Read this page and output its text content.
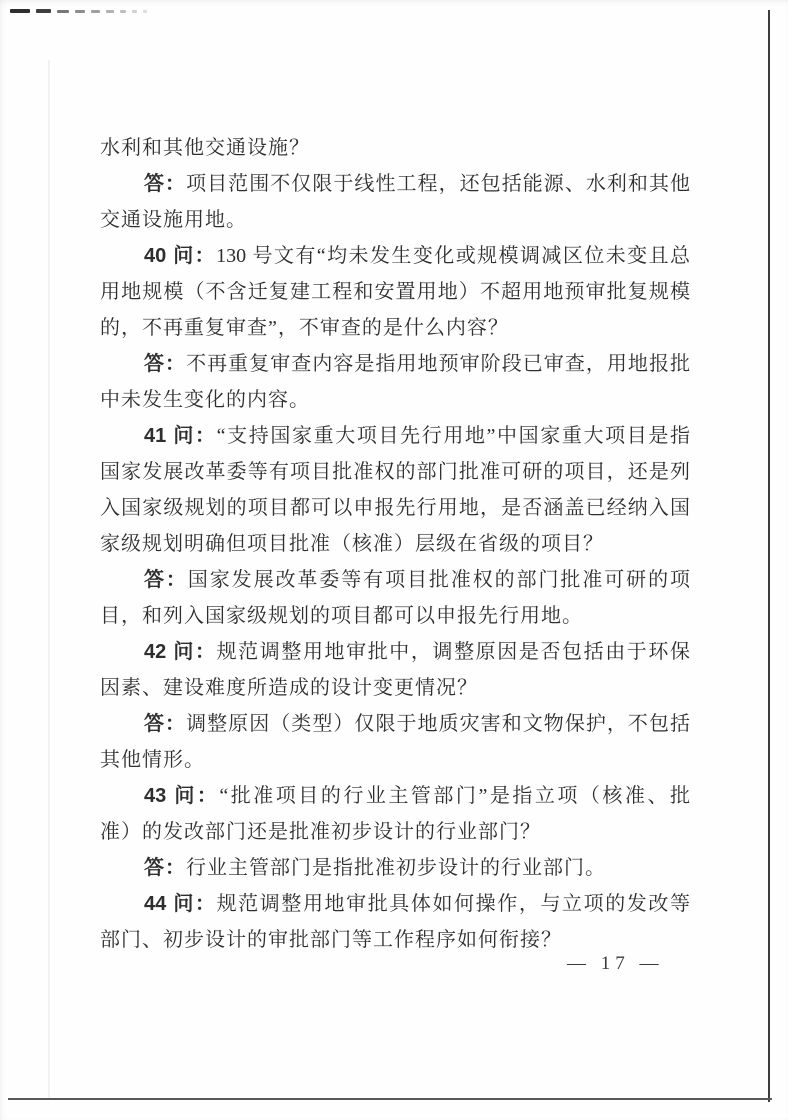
水利和其他交通设施？
答：项目范围不仅限于线性工程，还包括能源、水利和其他
交通设施用地。
40 问：130 号文有“均未发生变化或规模调减区位未变且总
用地规模（不含迁复建工程和安置用地）不超用地预审批复规模
的，不再重复审查”，不审查的是什么内容？
答：不再重复审查内容是指用地预审阶段已审查，用地报批
中未发生变化的内容。
41 问：“支持国家重大项目先行用地”中国家重大项目是指
国家发展改革委等有项目批准权的部门批准可研的项目，还是列
入国家级规划的项目都可以申报先行用地，是否涵盖已经纳入国
家级规划明确但项目批准（核准）层级在省级的项目？
答：国家发展改革委等有项目批准权的部门批准可研的项
目，和列入国家级规划的项目都可以申报先行用地。
42 问：规范调整用地审批中，调整原因是否包括由于环保
因素、建设难度所造成的设计变更情况？
答：调整原因（类型）仅限于地质灾害和文物保护，不包括
其他情形。
43 问：“批准项目的行业主管部门”是指立项（核准、批
准）的发改部门还是批准初步设计的行业部门？
答：行业主管部门是指批准初步设计的行业部门。
44 问：规范调整用地审批具体如何操作，与立项的发改等
部门、初步设计的审批部门等工作程序如何衔接？
— 17 —
